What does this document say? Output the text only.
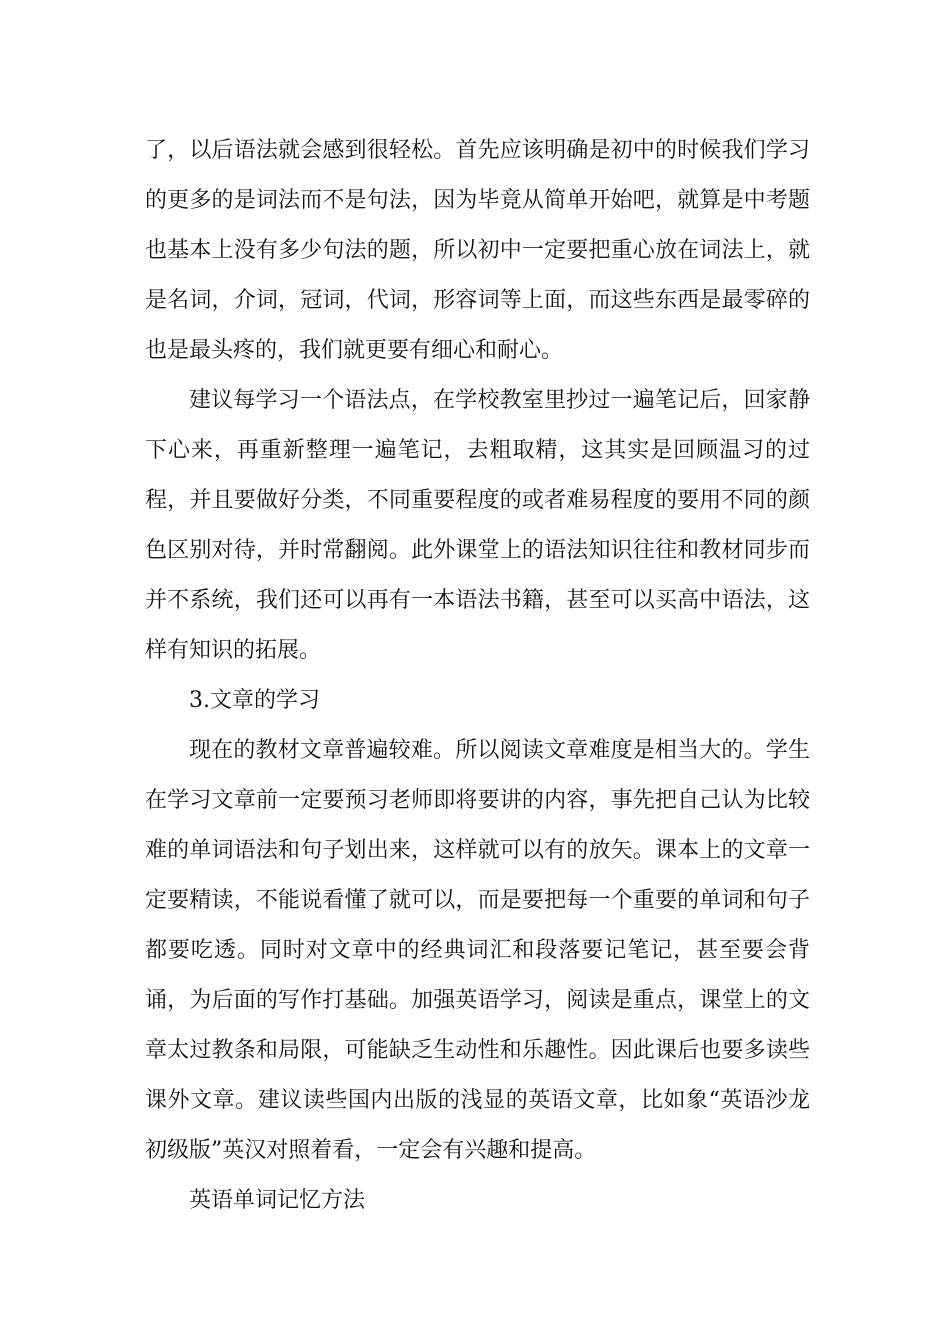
了，以后语法就会感到很轻松。首先应该明确是初中的时候我们学习的更多的是词法而不是句法，因为毕竟从简单开始吧，就算是中考题也基本上没有多少句法的题，所以初中一定要把重心放在词法上，就是名词，介词，冠词，代词，形容词等上面，而这些东西是最零碎的也是最头疼的，我们就更要有细心和耐心。

建议每学习一个语法点，在学校教室里抄过一遍笔记后，回家静下心来，再重新整理一遍笔记，去粗取精，这其实是回顾温习的过程，并且要做好分类，不同重要程度的或者难易程度的要用不同的颜色区别对待，并时常翻阅。此外课堂上的语法知识往往和教材同步而并不系统，我们还可以再有一本语法书籍，甚至可以买高中语法，这样有知识的拓展。

3.文章的学习

现在的教材文章普遍较难。所以阅读文章难度是相当大的。学生在学习文章前一定要预习老师即将要讲的内容，事先把自己认为比较难的单词语法和句子划出来，这样就可以有的放矢。课本上的文章一定要精读，不能说看懂了就可以，而是要把每一个重要的单词和句子都要吃透。同时对文章中的经典词汇和段落要记笔记，甚至要会背诵，为后面的写作打基础。加强英语学习，阅读是重点，课堂上的文章太过教条和局限，可能缺乏生动性和乐趣性。因此课后也要多读些课外文章。建议读些国内出版的浅显的英语文章，比如象“英语沙龙初级版”英汉对照着看，一定会有兴趣和提高。

英语单词记忆方法
